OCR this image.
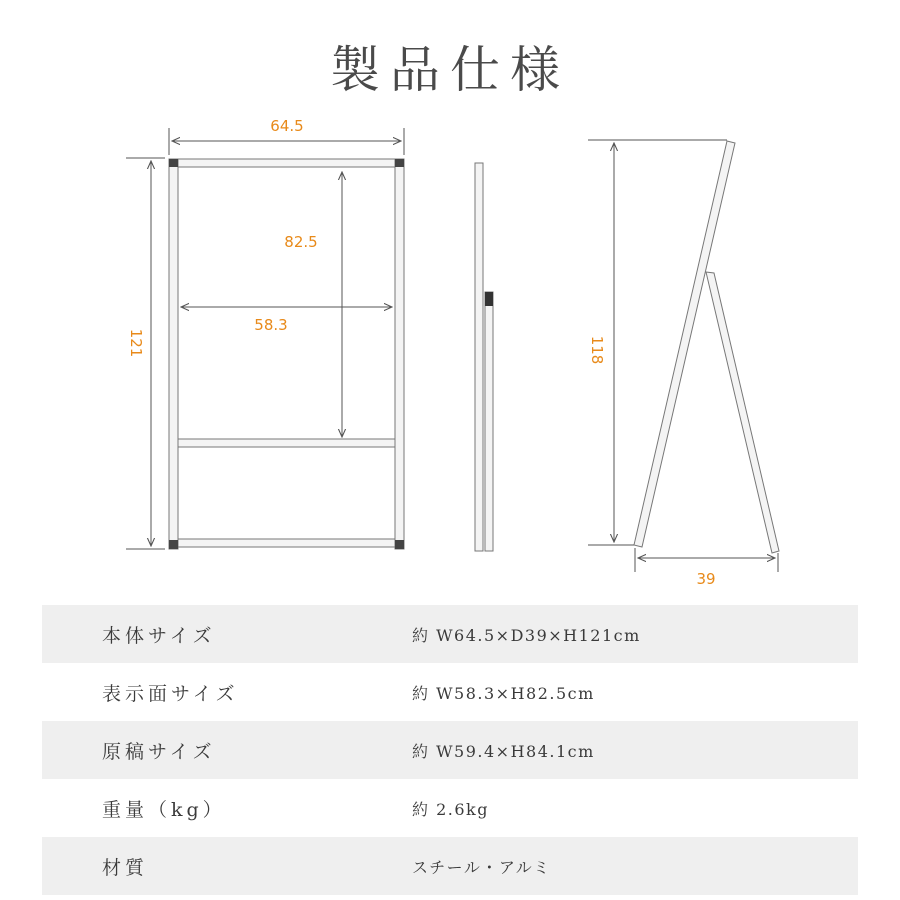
製品仕様
64.5
121
82.5
58.3
118
39
本体サイズ	約 W64.5×D39×H121cm
表示面サイズ	約 W58.3×H82.5cm
原稿サイズ	約 W59.4×H84.1cm
重量（kg）	約 2.6kg
材質	スチール・アルミ
